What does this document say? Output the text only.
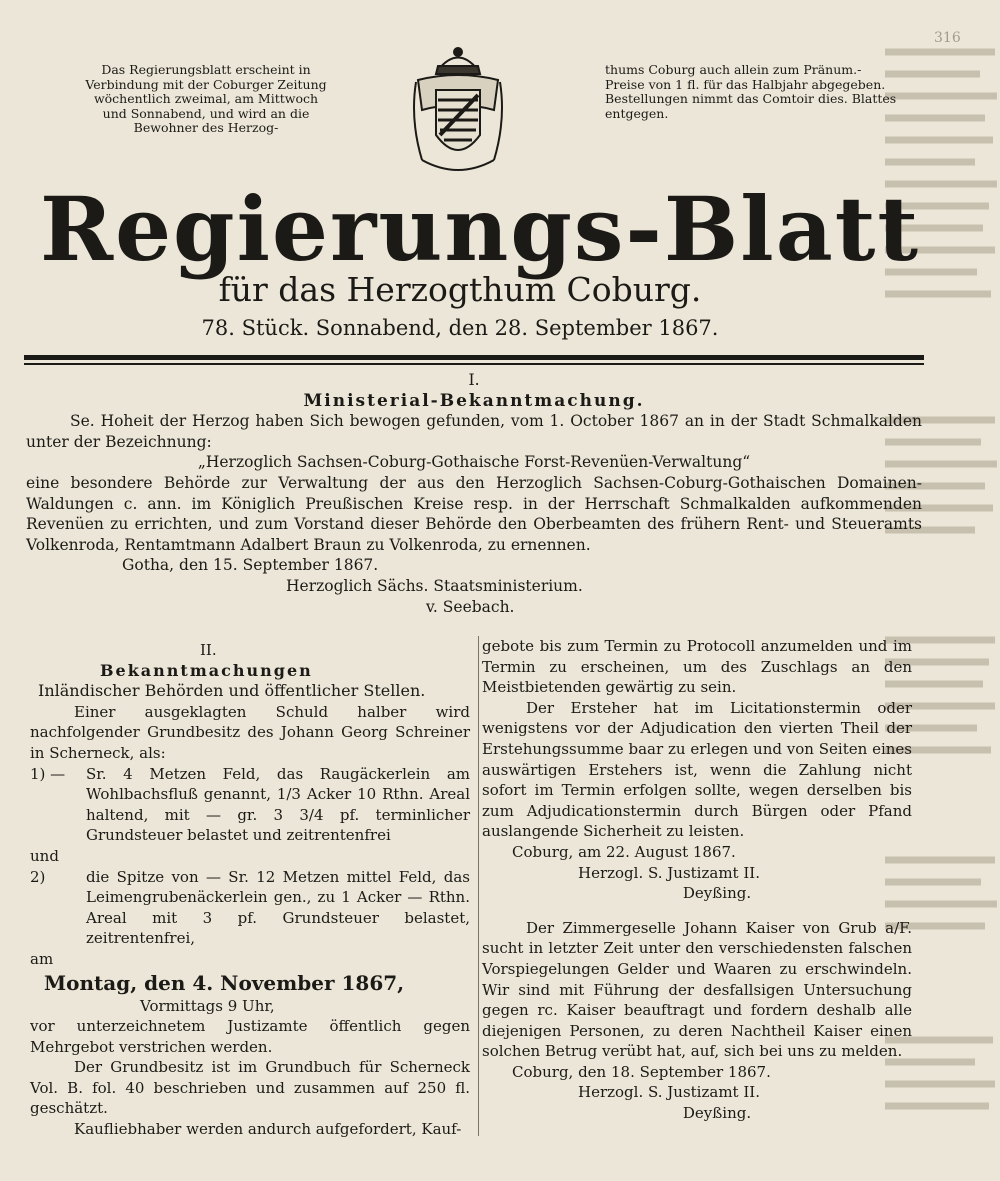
316
Das Regierungsblatt erscheint in Verbindung mit der Coburger Zeitung wöchentlich zweimal, am Mittwoch und Sonnabend, und wird an die Bewohner des Herzog-
thums Coburg auch allein zum Pränum.-Preise von 1 fl. für das Halbjahr abgegeben. Bestellungen nimmt das Comtoir dies. Blattes entgegen.
Regierungs-Blatt
für das Herzogthum Coburg.
78. Stück. Sonnabend, den 28. September 1867.

I.

Ministerial-Bekanntmachung.

Se. Hoheit der Herzog haben Sich bewogen gefunden, vom 1. October 1867 an in der Stadt Schmalkalden unter der Bezeichnung:

„Herzoglich Sachsen-Coburg-Gothaische Forst-Revenüen-Verwaltung“

eine besondere Behörde zur Verwaltung der aus den Herzoglich Sachsen-Coburg-Gothaischen Domainen-Waldungen c. ann. im Königlich Preußischen Kreise resp. in der Herrschaft Schmalkalden aufkommenden Revenüen zu errichten, und zum Vorstand dieser Behörde den Oberbeamten des frühern Rent- und Steueramts Volkenroda, Rentamtmann Adalbert Braun zu Volkenroda, zu ernennen.

Gotha, den 15. September 1867.

Herzoglich Sächs. Staatsministerium.

v. Seebach.

II.

Bekanntmachungen

Inländischer Behörden und öffentlicher Stellen.

Einer ausgeklagten Schuld halber wird nachfolgender Grundbesitz des Johann Georg Schreiner in Scherneck, als:

1) — Sr. 4 Metzen Feld, das Raugäckerlein am Wohlbachsfluß genannt, 1/3 Acker 10 Rthn. Areal haltend, mit — gr. 3 3/4 pf. terminlicher Grundsteuer belastet und zeitrentenfrei

und

2)	die Spitze von — Sr. 12 Metzen mittel Feld, das Leimengrubenäckerlein gen., zu 1 Acker — Rthn. Areal mit 3 pf. Grundsteuer belastet, zeitrentenfrei,

am

Montag, den 4. November 1867,

Vormittags 9 Uhr,

vor unterzeichnetem Justizamte öffentlich gegen Mehrgebot verstrichen werden.

Der Grundbesitz ist im Grundbuch für Scherneck Vol. B. fol. 40 beschrieben und zusammen auf 250 fl. geschätzt.

Kaufliebhaber werden andurch aufgefordert, Kauf-

gebote bis zum Termin zu Protocoll anzumelden und im Termin zu erscheinen, um des Zuschlags an den Meistbietenden gewärtig zu sein.

Der Ersteher hat im Licitationstermin oder wenigstens vor der Adjudication den vierten Theil der Erstehungssumme baar zu erlegen und von Seiten eines auswärtigen Erstehers ist, wenn die Zahlung nicht sofort im Termin erfolgen sollte, wegen derselben bis zum Adjudicationstermin durch Bürgen oder Pfand auslangende Sicherheit zu leisten.

Coburg, am 22. August 1867.

Herzogl. S. Justizamt II.

Deyßing.

Der Zimmergeselle Johann Kaiser von Grub a/F. sucht in letzter Zeit unter den verschiedensten falschen Vorspiegelungen Gelder und Waaren zu erschwindeln. Wir sind mit Führung der desfallsigen Untersuchung gegen rc. Kaiser beauftragt und fordern deshalb alle diejenigen Personen, zu deren Nachtheil Kaiser einen solchen Betrug verübt hat, auf, sich bei uns zu melden.

Coburg, den 18. September 1867.

Herzogl. S. Justizamt II.

Deyßing.
